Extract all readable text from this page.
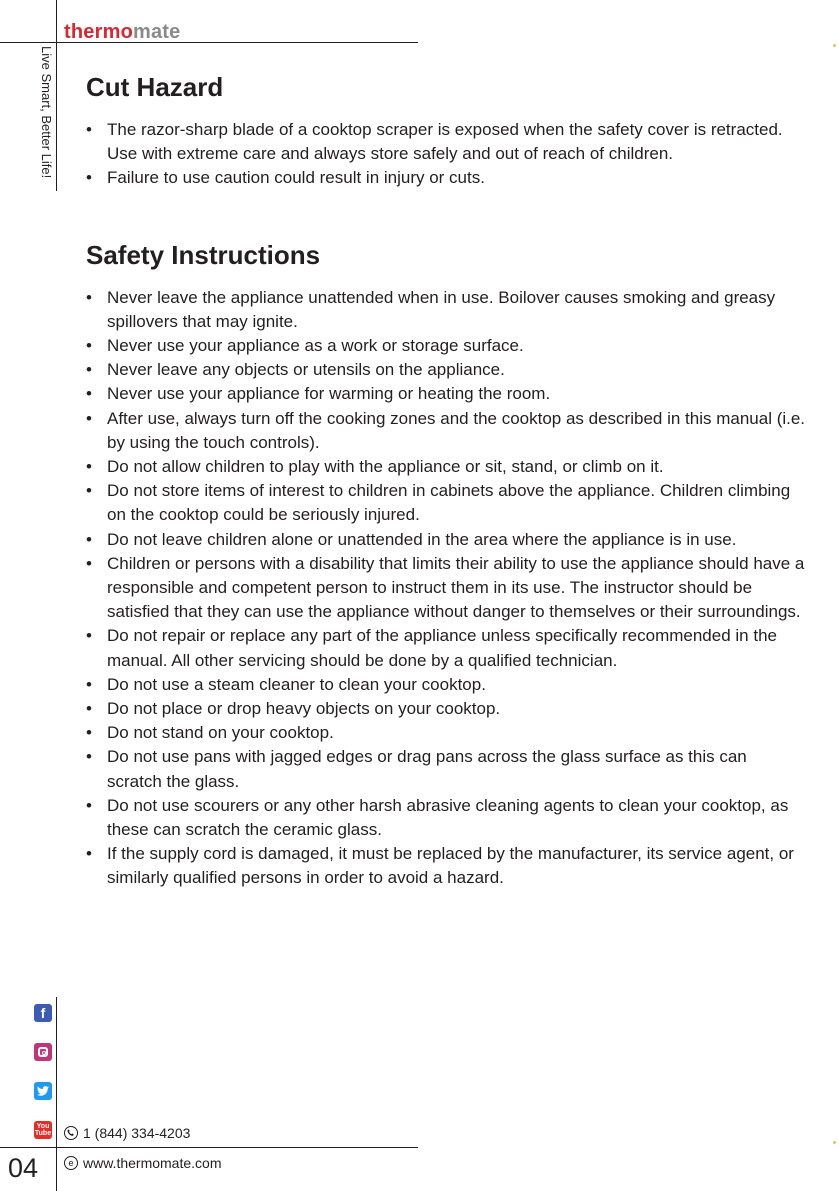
thermomate
Live Smart, Better Life! Cut Hazard
• The razor-sharp blade of a cooktop scraper is exposed when the safety cover is retracted. Use with extreme care and always store safely and out of reach of children.
• Failure to use caution could result in injury or cuts.
Safety Instructions
• Never leave the appliance unattended when in use. Boilover causes smoking and greasy spillovers that may ignite.
• Never use your appliance as a work or storage surface.
• Never leave any objects or utensils on the appliance.
• Never use your appliance for warming or heating the room.
• After use, always turn off the cooking zones and the cooktop as described in this manual (i.e. by using the touch controls).
• Do not allow children to play with the appliance or sit, stand, or climb on it.
• Do not store items of interest to children in cabinets above the appliance. Children climbing on the cooktop could be seriously injured.
• Do not leave children alone or unattended in the area where the appliance is in use.
• Children or persons with a disability that limits their ability to use the appliance should have a responsible and competent person to instruct them in its use. The instructor should be satisfied that they can use the appliance without danger to themselves or their surroundings.
• Do not repair or replace any part of the appliance unless specifically recommended in the manual. All other servicing should be done by a qualified technician.
• Do not use a steam cleaner to clean your cooktop.
• Do not place or drop heavy objects on your cooktop.
• Do not stand on your cooktop.
• Do not use pans with jagged edges or drag pans across the glass surface as this can scratch the glass.
• Do not use scourers or any other harsh abrasive cleaning agents to clean your cooktop, as these can scratch the ceramic glass.
• If the supply cord is damaged, it must be replaced by the manufacturer, its service agent, or similarly qualified persons in order to avoid a hazard.
f
You
Tube 1 (844) 334-4203
e www.thermomate.com
04
